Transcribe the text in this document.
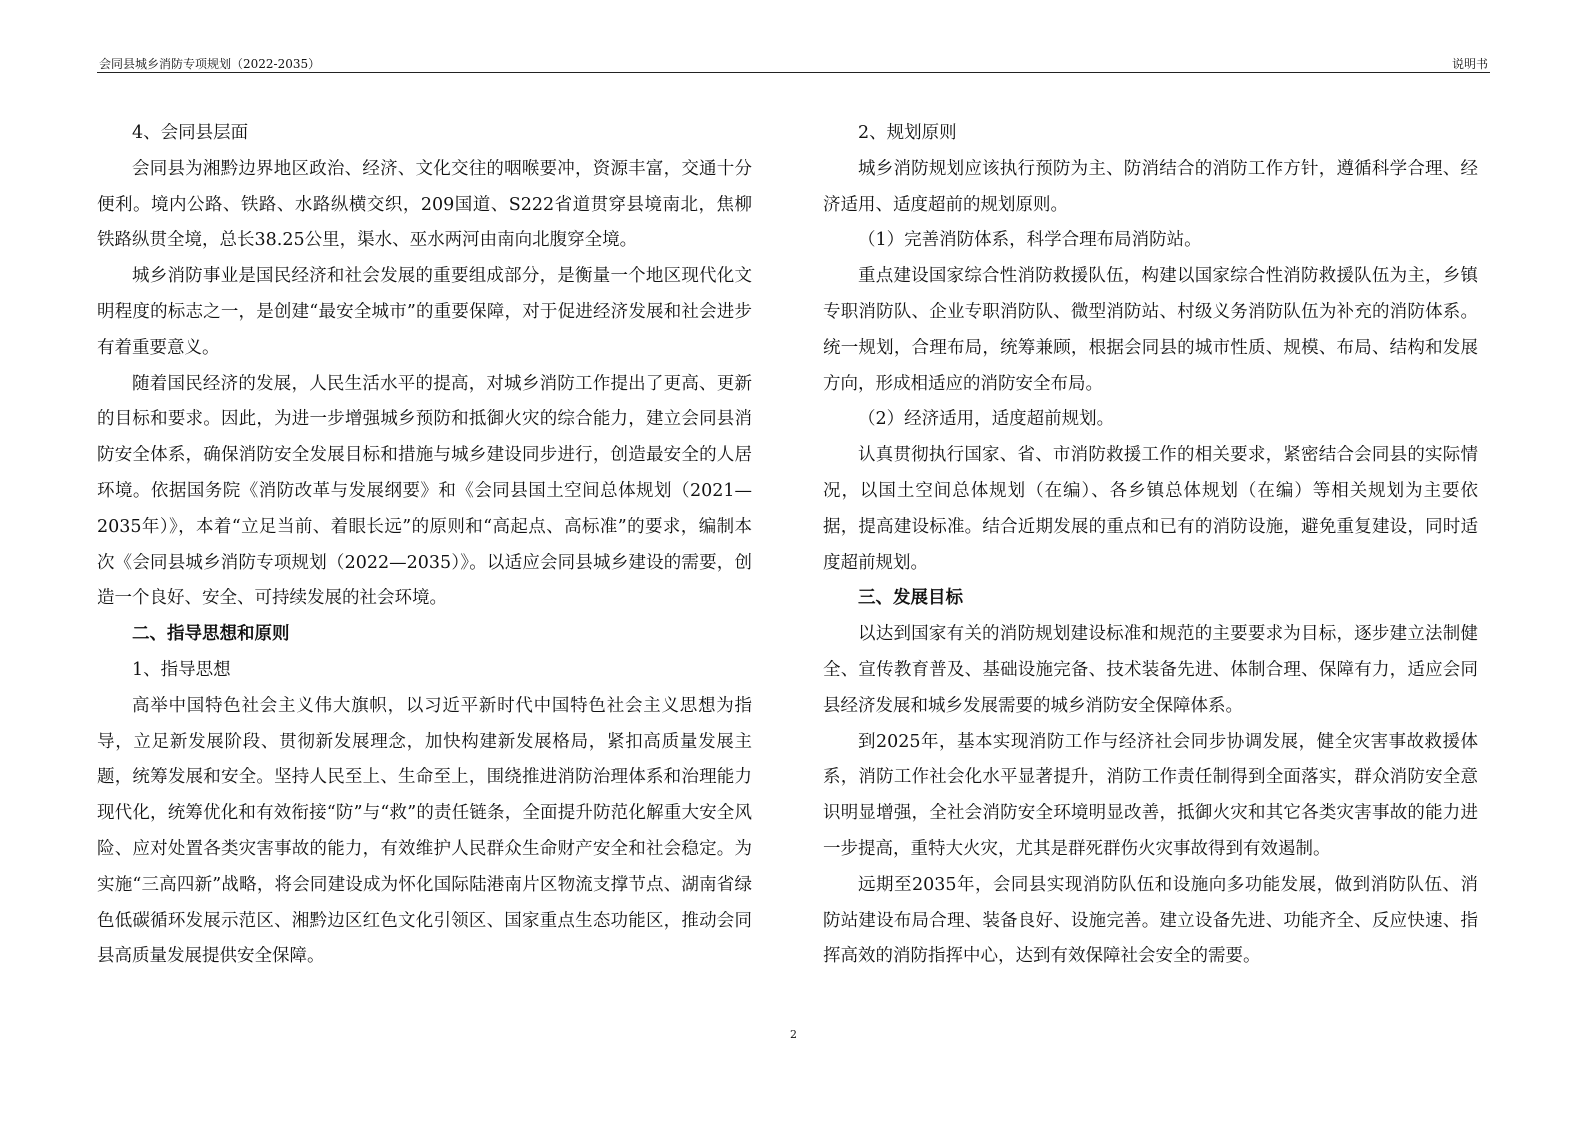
会同县城乡消防专项规划（2022-2035）	说明书

4、会同县层面

会同县为湘黔边界地区政治、经济、文化交往的咽喉要冲，资源丰富，交通十分便利。境内公路、铁路、水路纵横交织，209国道、S222省道贯穿县境南北，焦柳铁路纵贯全境，总长38.25公里，渠水、巫水两河由南向北腹穿全境。

城乡消防事业是国民经济和社会发展的重要组成部分，是衡量一个地区现代化文明程度的标志之一，是创建“最安全城市”的重要保障，对于促进经济发展和社会进步有着重要意义。

随着国民经济的发展，人民生活水平的提高，对城乡消防工作提出了更高、更新的目标和要求。因此，为进一步增强城乡预防和抵御火灾的综合能力，建立会同县消防安全体系，确保消防安全发展目标和措施与城乡建设同步进行，创造最安全的人居环境。依据国务院《消防改革与发展纲要》和《会同县国土空间总体规划（2021—2035年）》，本着“立足当前、着眼长远”的原则和“高起点、高标准”的要求，编制本次《会同县城乡消防专项规划（2022—2035）》。以适应会同县城乡建设的需要，创造一个良好、安全、可持续发展的社会环境。

二、指导思想和原则

1、指导思想

高举中国特色社会主义伟大旗帜，以习近平新时代中国特色社会主义思想为指导，立足新发展阶段、贯彻新发展理念，加快构建新发展格局，紧扣高质量发展主题，统筹发展和安全。坚持人民至上、生命至上，围绕推进消防治理体系和治理能力现代化，统筹优化和有效衔接“防”与“救”的责任链条，全面提升防范化解重大安全风险、应对处置各类灾害事故的能力，有效维护人民群众生命财产安全和社会稳定。为实施“三高四新”战略，将会同建设成为怀化国际陆港南片区物流支撑节点、湖南省绿色低碳循环发展示范区、湘黔边区红色文化引领区、国家重点生态功能区，推动会同县高质量发展提供安全保障。

2、规划原则

城乡消防规划应该执行预防为主、防消结合的消防工作方针，遵循科学合理、经济适用、适度超前的规划原则。

（1）完善消防体系，科学合理布局消防站。

重点建设国家综合性消防救援队伍，构建以国家综合性消防救援队伍为主，乡镇专职消防队、企业专职消防队、微型消防站、村级义务消防队伍为补充的消防体系。统一规划，合理布局，统筹兼顾，根据会同县的城市性质、规模、布局、结构和发展方向，形成相适应的消防安全布局。

（2）经济适用，适度超前规划。

认真贯彻执行国家、省、市消防救援工作的相关要求，紧密结合会同县的实际情况，以国土空间总体规划（在编）、各乡镇总体规划（在编）等相关规划为主要依据，提高建设标准。结合近期发展的重点和已有的消防设施，避免重复建设，同时适度超前规划。

三、发展目标

以达到国家有关的消防规划建设标准和规范的主要要求为目标，逐步建立法制健全、宣传教育普及、基础设施完备、技术装备先进、体制合理、保障有力，适应会同县经济发展和城乡发展需要的城乡消防安全保障体系。

到2025年，基本实现消防工作与经济社会同步协调发展，健全灾害事故救援体系，消防工作社会化水平显著提升，消防工作责任制得到全面落实，群众消防安全意识明显增强，全社会消防安全环境明显改善，抵御火灾和其它各类灾害事故的能力进一步提高，重特大火灾，尤其是群死群伤火灾事故得到有效遏制。

远期至2035年，会同县实现消防队伍和设施向多功能发展，做到消防队伍、消防站建设布局合理、装备良好、设施完善。建立设备先进、功能齐全、反应快速、指挥高效的消防指挥中心，达到有效保障社会安全的需要。

2
